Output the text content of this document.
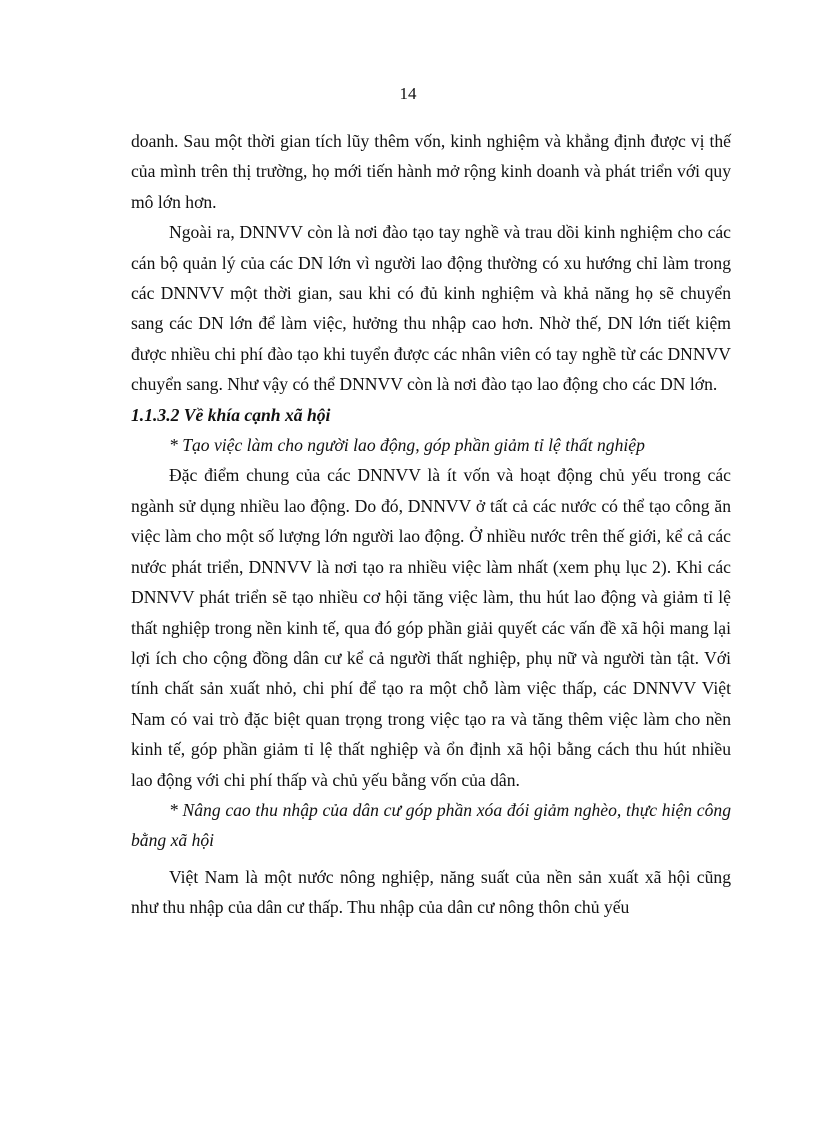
14

doanh. Sau một thời gian tích lũy thêm vốn, kinh nghiệm và khẳng định được vị thế của mình trên thị trường, họ mới tiến hành mở rộng kinh doanh và phát triển với quy mô lớn hơn.

Ngoài ra, DNNVV còn là nơi đào tạo tay nghề và trau dồi kinh nghiệm cho các cán bộ quản lý của các DN lớn vì người lao động thường có xu hướng chỉ làm trong các DNNVV một thời gian, sau khi có đủ kinh nghiệm và khả năng họ sẽ chuyển sang các DN lớn để làm việc, hưởng thu nhập cao hơn. Nhờ thế, DN lớn tiết kiệm được nhiều chi phí đào tạo khi tuyển được các nhân viên có tay nghề từ các DNNVV chuyển sang. Như vậy có thể DNNVV còn là nơi đào tạo lao động cho các DN lớn.

1.1.3.2 Về khía cạnh xã hội

* Tạo việc làm cho người lao động, góp phần giảm tỉ lệ thất nghiệp

Đặc điểm chung của các DNNVV là ít vốn và hoạt động chủ yếu trong các ngành sử dụng nhiều lao động. Do đó, DNNVV ở tất cả các nước có thể tạo công ăn việc làm cho một số lượng lớn người lao động. Ở nhiều nước trên thế giới, kể cả các nước phát triển, DNNVV là nơi tạo ra nhiều việc làm nhất (xem phụ lục 2). Khi các DNNVV phát triển sẽ tạo nhiều cơ hội tăng việc làm, thu hút lao động và giảm tỉ lệ thất nghiệp trong nền kinh tế, qua đó góp phần giải quyết các vấn đề xã hội mang lại lợi ích cho cộng đồng dân cư kể cả người thất nghiệp, phụ nữ và người tàn tật. Với tính chất sản xuất nhỏ, chi phí để tạo ra một chỗ làm việc thấp, các DNNVV Việt Nam có vai trò đặc biệt quan trọng trong việc tạo ra và tăng thêm việc làm cho nền kinh tế, góp phần giảm tỉ lệ thất nghiệp và ổn định xã hội bằng cách thu hút nhiều lao động với chi phí thấp và chủ yếu bằng vốn của dân.

* Nâng cao thu nhập của dân cư góp phần xóa đói giảm nghèo, thực hiện công bằng xã hội

Việt Nam là một nước nông nghiệp, năng suất của nền sản xuất xã hội cũng như thu nhập của dân cư thấp. Thu nhập của dân cư nông thôn chủ yếu
